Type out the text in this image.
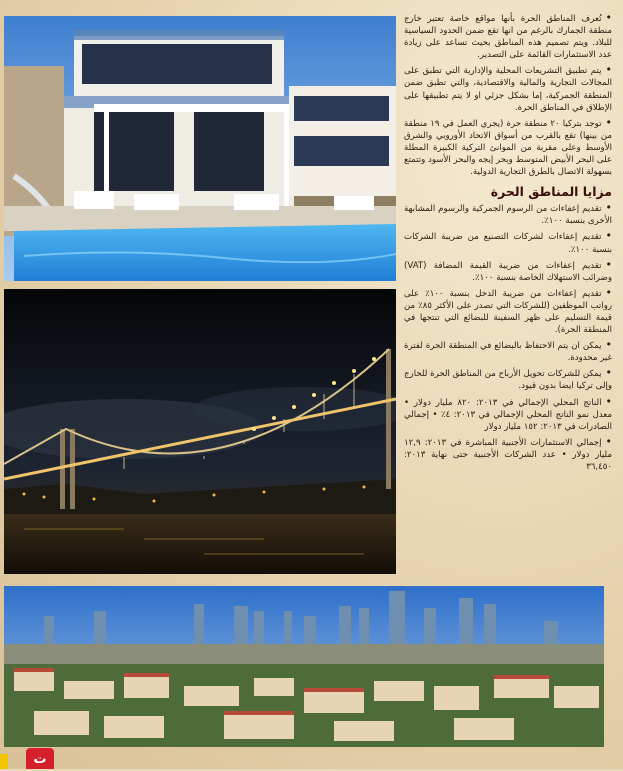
• تُعرف المناطق الحرة بأنها مواقع خاصة تعتبر خارج منطقة الجمارك بالرغم من انها تقع ضمن الحدود السياسية للبلاد. ويتم تصميم هذه المناطق بحيث تساعد على زيادة عدد الاستثمارات القائمة على التصدير.

• يتم تطبيق التشريعات المحلية والإدارية التي تطبق على المجالات التجارية والمالية والاقتصادية، والتي تطبق ضمن المنطقة الجمركية، إما بشكل جزئي او لا يتم تطبيقها على الإطلاق في المناطق الحرة.

• توجد بتركيا ٢٠ منطقة حرة (يجري العمل في ١٩ منطقة من بينها) تقع بالقرب من أسواق الاتحاد الأوروبي والشرق الأوسط وعلى مقربة من الموانئ التركية الكبيرة المطلة على البحر الأبيض المتوسط وبحر إيجه والبحر الأسود وتتمتع بسهولة الاتصال بالطرق التجارية الدولية.

مزايا المناطق الحرة

• تقديم إعفاءات من الرسوم الجمركية والرسوم المشابهة الأخرى بنسبة ١٠٠٪.

• تقديم إعفاءات لشركات التصنيع من ضريبة الشركات بنسبة ١٠٠٪.

• تقديم إعفاءات من ضريبة القيمة المضافة (VAT) وضرائب الاستهلاك الخاصة بنسبة ١٠٠٪.

• تقديم إعفاءات من ضريبة الدخل بنسبة ١٠٠٪ على رواتب الموظفين (للشركات التي تصدر على الأكثر ٨٥٪ من قيمة التسليم على ظهر السفينة للبضائع التي تنتجها في المنطقة الحرة).

• يمكن ان يتم الاحتفاظ بالبضائع في المنطقة الحرة لفترة غير محدودة.

• يمكن للشركات تحويل الأرباح من المناطق الحرة للخارج وإلى تركيا ايضا بدون قيود.

• الناتج المحلي الإجمالي في ٢٠١٣: ٨٢٠ مليار دولار • معدل نمو الناتج المحلي الإجمالي في ٢٠١٣: ٤٪ • إجمالي الصادرات في ٢٠١٣: ١٥٢ مليار دولار

• إجمالي الاستثمارات الأجنبية المباشرة في ٢٠١٣: ١٢,٩ مليار دولار • عدد الشركات الأجنبية حتى نهاية ٢٠١٣: ٣٦,٤٥٠

ت
